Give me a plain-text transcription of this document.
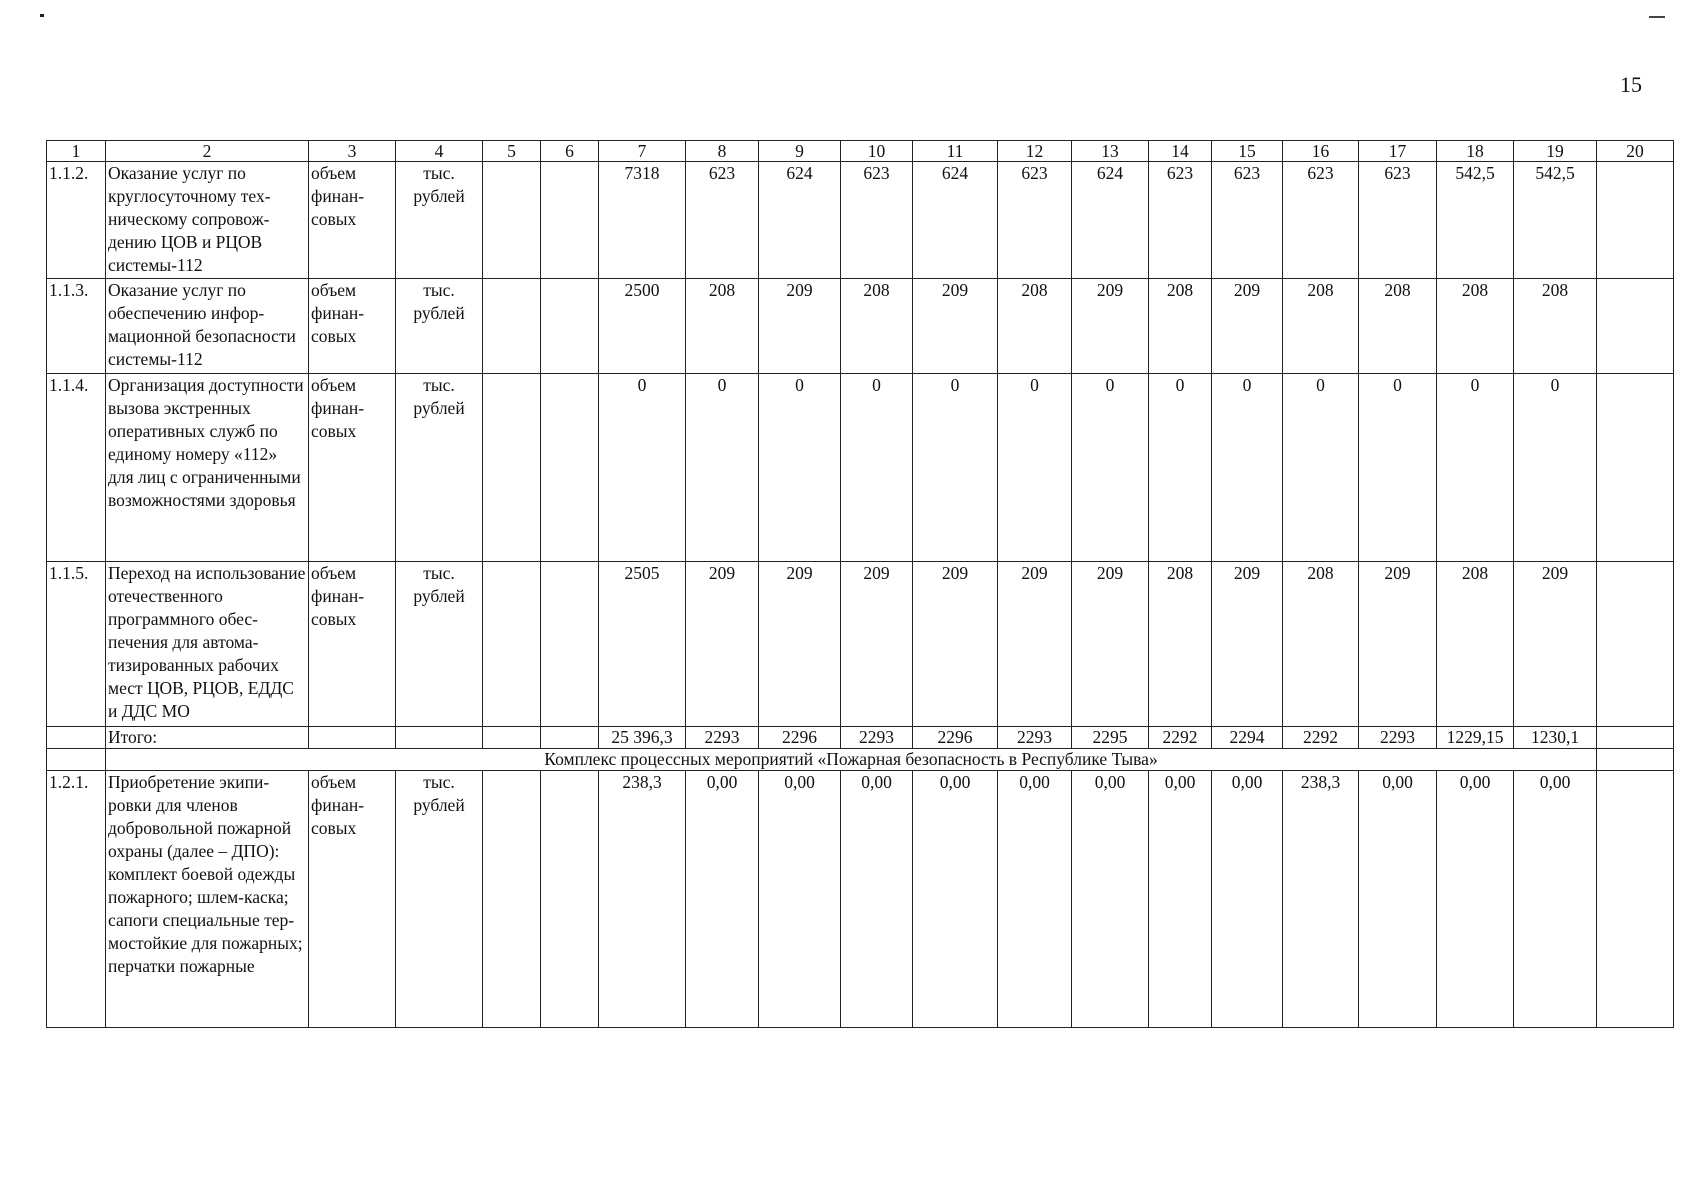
15
1	2	3	4	5	6	7	8	9	10	11	12	13	14	15	16	17	18	19	20
1.1.2.	Оказание услуг по круглосуточному техническому сопровождению ЦОВ и РЦОВ системы-112	объем финансовых	тыс. рублей			7318	623	624	623	624	623	624	623	623	623	623	542,5	542,5	
1.1.3.	Оказание услуг по обеспечению информационной безопасности системы-112	объем финансовых	тыс. рублей			2500	208	209	208	209	208	209	208	209	208	208	208	208	
1.1.4.	Организация доступности вызова экстренных оперативных служб по единому номеру «112» для лиц с ограниченными возможностями здоровья	объем финансовых	тыс. рублей			0	0	0	0	0	0	0	0	0	0	0	0	0	
1.1.5.	Переход на использование отечественного программного обеспечения для автоматизированных рабочих мест ЦОВ, РЦОВ, ЕДДС и ДДС МО	объем финансовых	тыс. рублей			2505	209	209	209	209	209	209	208	209	208	209	208	209	
	Итого:					25 396,3	2293	2296	2293	2296	2293	2295	2292	2294	2292	2293	1229,15	1230,1	
	Комплекс процессных мероприятий «Пожарная безопасность в Республике Тыва»																		
1.2.1.	Приобретение экипировки для членов добровольной пожарной охраны (далее – ДПО): комплект боевой одежды пожарного; шлем-каска; сапоги специальные термостойкие для пожарных; перчатки пожарные	объем финансовых	тыс. рублей			238,3	0,00	0,00	0,00	0,00	0,00	0,00	0,00	0,00	238,3	0,00	0,00	0,00	
